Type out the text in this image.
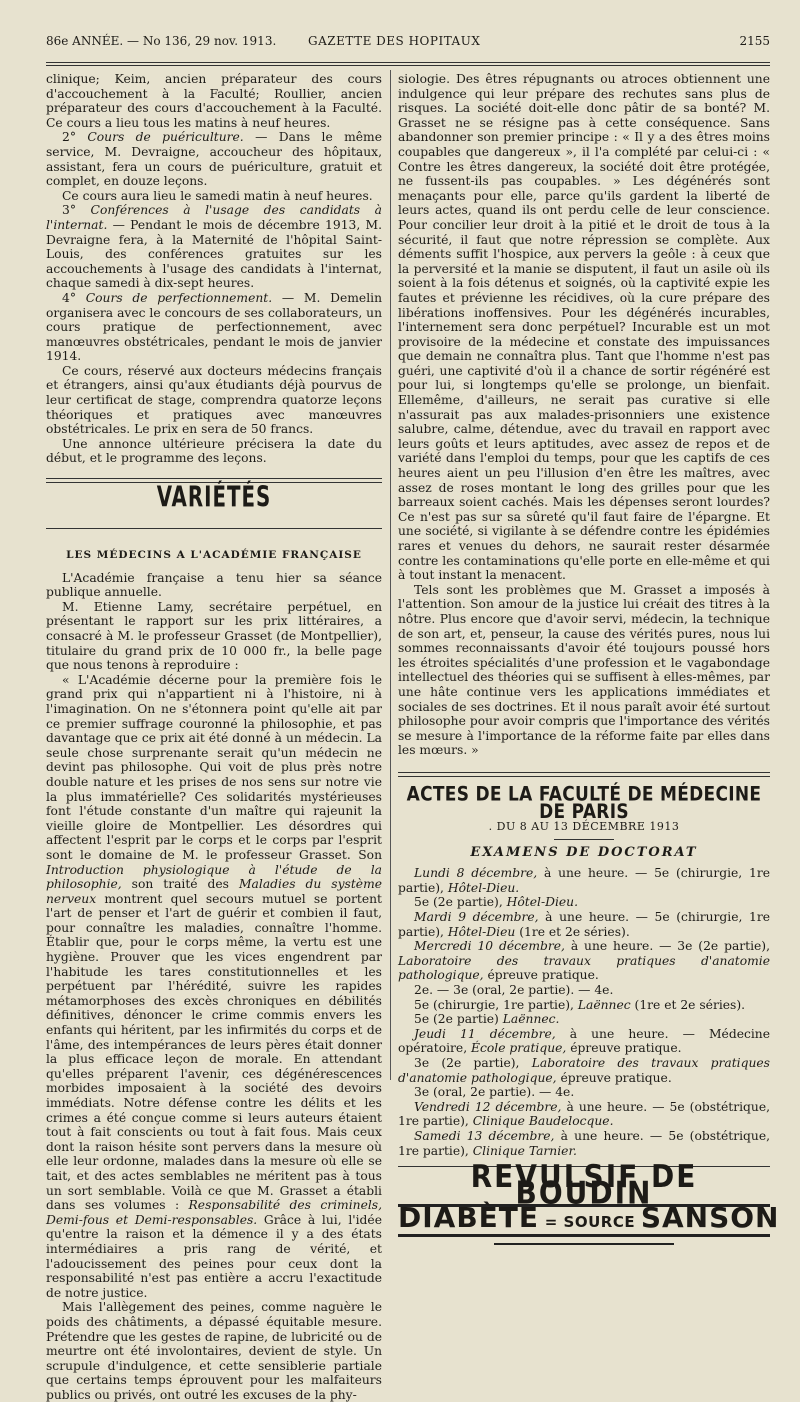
86e ANNÉE. — No 136, 29 nov. 1913.	GAZETTE DES HOPITAUX	2155

clinique; Keim, ancien préparateur des cours d'accouchement à la Faculté; Roullier, ancien préparateur des cours d'accouchement à la Faculté. Ce cours a lieu tous les matins à neuf heures.

2° Cours de puériculture. — Dans le même service, M. Devraigne, accoucheur des hôpitaux, assistant, fera un cours de puériculture, gratuit et complet, en douze leçons.

Ce cours aura lieu le samedi matin à neuf heures.

3° Conférences à l'usage des candidats à l'internat. — Pendant le mois de décembre 1913, M. Devraigne fera, à la Maternité de l'hôpital Saint-Louis, des conférences gratuites sur les accouchements à l'usage des candidats à l'internat, chaque samedi à dix-sept heures.

4° Cours de perfectionnement. — M. Demelin organisera avec le concours de ses collaborateurs, un cours pratique de perfectionnement, avec manœuvres obstétricales, pendant le mois de janvier 1914.

Ce cours, réservé aux docteurs médecins français et étrangers, ainsi qu'aux étudiants déjà pourvus de leur certificat de stage, comprendra quatorze leçons théoriques et pratiques avec manœuvres obstétricales. Le prix en sera de 50 francs.

Une annonce ultérieure précisera la date du début, et le programme des leçons.

VARIÉTÉS
LES MÉDECINS A L'ACADÉMIE FRANÇAISE

L'Académie française a tenu hier sa séance publique annuelle.

M. Etienne Lamy, secrétaire perpétuel, en présentant le rapport sur les prix littéraires, a consacré à M. le professeur Grasset (de Montpellier), titulaire du grand prix de 10 000 fr., la belle page que nous tenons à reproduire :

« L'Académie décerne pour la première fois le grand prix qui n'appartient ni à l'histoire, ni à l'imagination. On ne s'étonnera point qu'elle ait par ce premier suffrage couronné la philosophie, et pas davantage que ce prix ait été donné à un médecin. La seule chose surprenante serait qu'un médecin ne devint pas philosophe. Qui voit de plus près notre double nature et les prises de nos sens sur notre vie la plus immatérielle? Ces solidarités mystérieuses font l'étude constante d'un maître qui rajeunit la vieille gloire de Montpellier. Les désordres qui affectent l'esprit par le corps et le corps par l'esprit sont le domaine de M. le professeur Grasset. Son Introduction physiologique à l'étude de la philosophie, son traité des Maladies du système nerveux montrent quel secours mutuel se portent l'art de penser et l'art de guérir et combien il faut, pour connaître les maladies, connaître l'homme. Établir que, pour le corps même, la vertu est une hygiène. Prouver que les vices engendrent par l'habitude les tares constitutionnelles et les perpétuent par l'hérédité, suivre les rapides métamorphoses des excès chroniques en débilités définitives, dénoncer le crime commis envers les enfants qui héritent, par les infirmités du corps et de l'âme, des intempérances de leurs pères était donner la plus efficace leçon de morale. En attendant qu'elles préparent l'avenir, ces dégénérescences morbides imposaient à la société des devoirs immédiats. Notre défense contre les délits et les crimes a été conçue comme si leurs auteurs étaient tout à fait conscients ou tout à fait fous. Mais ceux dont la raison hésite sont pervers dans la mesure où elle leur ordonne, malades dans la mesure où elle se tait, et des actes semblables ne méritent pas à tous un sort semblable. Voilà ce que M. Grasset a établi dans ses volumes : Responsabilité des criminels, Demi-fous et Demi-responsables. Grâce à lui, l'idée qu'entre la raison et la démence il y a des états intermédiaires a pris rang de vérité, et l'adoucissement des peines pour ceux dont la responsabilité n'est pas entière a accru l'exactitude de notre justice.

Mais l'allègement des peines, comme naguère le poids des châtiments, a dépassé équitable mesure. Prétendre que les gestes de rapine, de lubricité ou de meurtre ont été involontaires, devient de style. Un scrupule d'indulgence, et cette sensiblerie partiale que certains temps éprouvent pour les malfaiteurs publics ou privés, ont outré les excuses de la phy-

siologie. Des êtres répugnants ou atroces obtiennent une indulgence qui leur prépare des rechutes sans plus de risques. La société doit-elle donc pâtir de sa bonté? M. Grasset ne se résigne pas à cette conséquence. Sans abandonner son premier principe : « Il y a des êtres moins coupables que dangereux », il l'a complété par celui-ci : « Contre les êtres dangereux, la société doit être protégée, ne fussent-ils pas coupables. » Les dégénérés sont menaçants pour elle, parce qu'ils gardent la liberté de leurs actes, quand ils ont perdu celle de leur conscience. Pour concilier leur droit à la pitié et le droit de tous à la sécurité, il faut que notre répression se complète. Aux déments suffit l'hospice, aux pervers la geôle : à ceux que la perversité et la manie se disputent, il faut un asile où ils soient à la fois détenus et soignés, où la captivité expie les fautes et prévienne les récidives, où la cure prépare des libérations inoffensives. Pour les dégénérés incurables, l'internement sera donc perpétuel? Incurable est un mot provisoire de la médecine et constate des impuissances que demain ne connaîtra plus. Tant que l'homme n'est pas guéri, une captivité d'où il a chance de sortir régénéré est pour lui, si longtemps qu'elle se prolonge, un bienfait. Ellemême, d'ailleurs, ne serait pas curative si elle n'assurait pas aux malades-prisonniers une existence salubre, calme, détendue, avec du travail en rapport avec leurs goûts et leurs aptitudes, avec assez de repos et de variété dans l'emploi du temps, pour que les captifs de ces heures aient un peu l'illusion d'en être les maîtres, avec assez de roses montant le long des grilles pour que les barreaux soient cachés. Mais les dépenses seront lourdes? Ce n'est pas sur sa sûreté qu'il faut faire de l'épargne. Et une société, si vigilante à se défendre contre les épidémies rares et venues du dehors, ne saurait rester désarmée contre les contaminations qu'elle porte en elle-même et qui à tout instant la menacent.

Tels sont les problèmes que M. Grasset a imposés à l'attention. Son amour de la justice lui créait des titres à la nôtre. Plus encore que d'avoir servi, médecin, la technique de son art, et, penseur, la cause des vérités pures, nous lui sommes reconnaissants d'avoir été toujours poussé hors les étroites spécialités d'une profession et le vagabondage intellectuel des théories qui se suffisent à elles-mêmes, par une hâte continue vers les applications immédiates et sociales de ses doctrines. Et il nous paraît avoir été surtout philosophe pour avoir compris que l'importance des vérités se mesure à l'importance de la réforme faite par elles dans les mœurs. »

ACTES DE LA FACULTÉ DE MÉDECINE DE PARIS
. DU 8 AU 13 DÉCEMBRE 1913
EXAMENS DE DOCTORAT

Lundi 8 décembre, à une heure. — 5e (chirurgie, 1re partie), Hôtel-Dieu.

5e (2e partie), Hôtel-Dieu.

Mardi 9 décembre, à une heure. — 5e (chirurgie, 1re partie), Hôtel-Dieu (1re et 2e séries).

Mercredi 10 décembre, à une heure. — 3e (2e partie), Laboratoire des travaux pratiques d'anatomie pathologique, épreuve pratique.

2e. — 3e (oral, 2e partie). — 4e.

5e (chirurgie, 1re partie), Laënnec (1re et 2e séries).

5e (2e partie) Laënnec.

Jeudi 11 décembre, à une heure. — Médecine opératoire, École pratique, épreuve pratique.

3e (2e partie), Laboratoire des travaux pratiques d'anatomie pathologique, épreuve pratique.

3e (oral, 2e partie). — 4e.

Vendredi 12 décembre, à une heure. — 5e (obstétrique, 1re partie), Clinique Baudelocque.

Samedi 13 décembre, à une heure. — 5e (obstétrique, 1re partie), Clinique Tarnier.

REVULSIF DE BOUDIN
DIABÈTE = SOURCE SANSON
